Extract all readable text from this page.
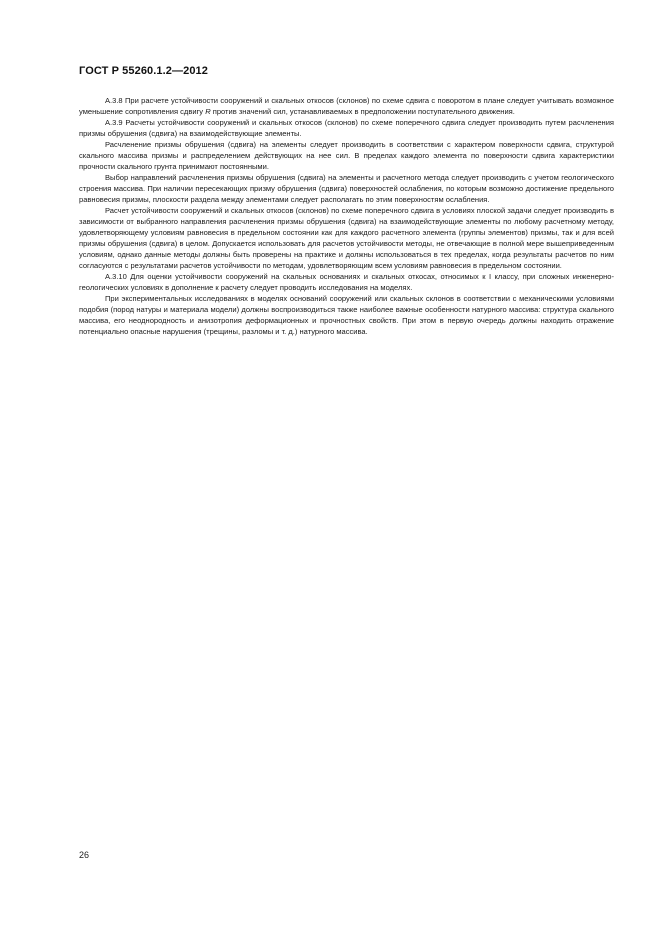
ГОСТ Р 55260.1.2—2012

А.3.8 При расчете устойчивости сооружений и скальных откосов (склонов) по схеме сдвига с поворотом в плане следует учитывать возможное уменьшение сопротивления сдвигу R против значений сил, устанавливаемых в предположении поступательного движения.

А.3.9 Расчеты устойчивости сооружений и скальных откосов (склонов) по схеме поперечного сдвига следует производить путем расчленения призмы обрушения (сдвига) на взаимодействующие элементы.

Расчленение призмы обрушения (сдвига) на элементы следует производить в соответствии с характером поверхности сдвига, структурой скального массива призмы и распределением действующих на нее сил. В пределах каждого элемента по поверхности сдвига характеристики прочности скального грунта принимают постоянными.

Выбор направлений расчленения призмы обрушения (сдвига) на элементы и расчетного метода следует производить с учетом геологического строения массива. При наличии пересекающих призму обрушения (сдвига) поверхностей ослабления, по которым возможно достижение предельного равновесия призмы, плоскости раздела между элементами следует располагать по этим поверхностям ослабления.

Расчет устойчивости сооружений и скальных откосов (склонов) по схеме поперечного сдвига в условиях плоской задачи следует производить в зависимости от выбранного направления расчленения призмы обрушения (сдвига) на взаимодействующие элементы по любому расчетному методу, удовлетворяющему условиям равновесия в предельном состоянии как для каждого расчетного элемента (группы элементов) призмы, так и для всей призмы обрушения (сдвига) в целом. Допускается использовать для расчетов устойчивости методы, не отвечающие в полной мере вышеприведенным условиям, однако данные методы должны быть проверены на практике и должны использоваться в тех пределах, когда результаты расчетов по ним согласуются с результатами расчетов устойчивости по методам, удовлетворяющим всем условиям равновесия в предельном состоянии.

А.3.10 Для оценки устойчивости сооружений на скальных основаниях и скальных откосах, относимых к I классу, при сложных инженерно-геологических условиях в дополнение к расчету следует проводить исследования на моделях.

При экспериментальных исследованиях в моделях оснований сооружений или скальных склонов в соответствии с механическими условиями подобия (пород натуры и материала модели) должны воспроизводиться также наиболее важные особенности натурного массива: структура скального массива, его неоднородность и анизотропия деформационных и прочностных свойств. При этом в первую очередь должны находить отражение потенциально опасные нарушения (трещины, разломы и т. д.) натурного массива.

26
